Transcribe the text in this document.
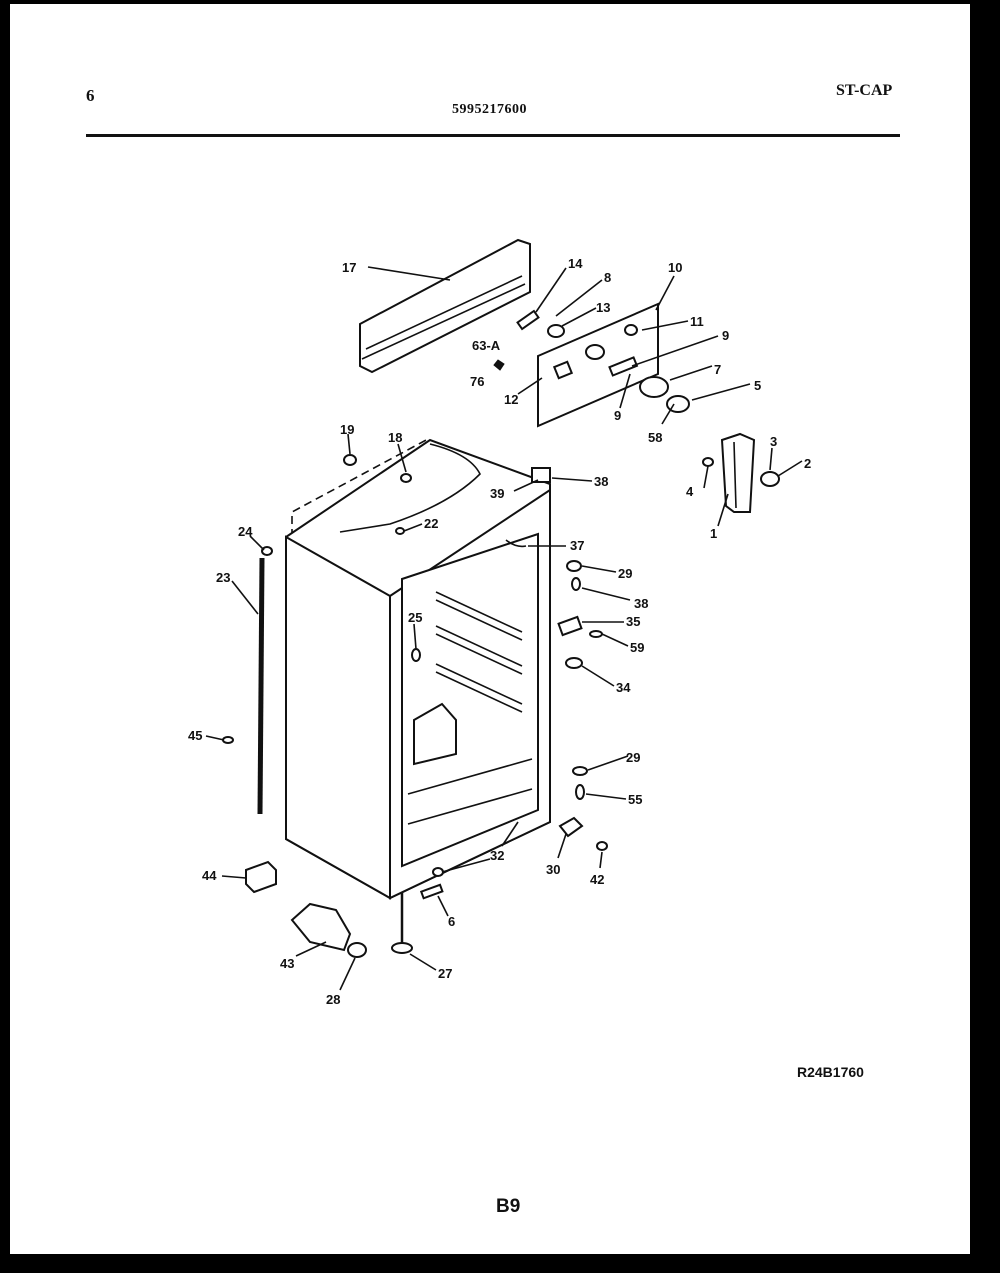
6
5995217600
ST-CAP
17	14
8
13
10
11
9
63-A
76
12
7
5
9
58	3
2
4
1
19
18
39
38
24
22
37
23	29
38
25	35
59
34
45
29
55
32
30
42
44
6
43
27
28
R24B1760
B9
